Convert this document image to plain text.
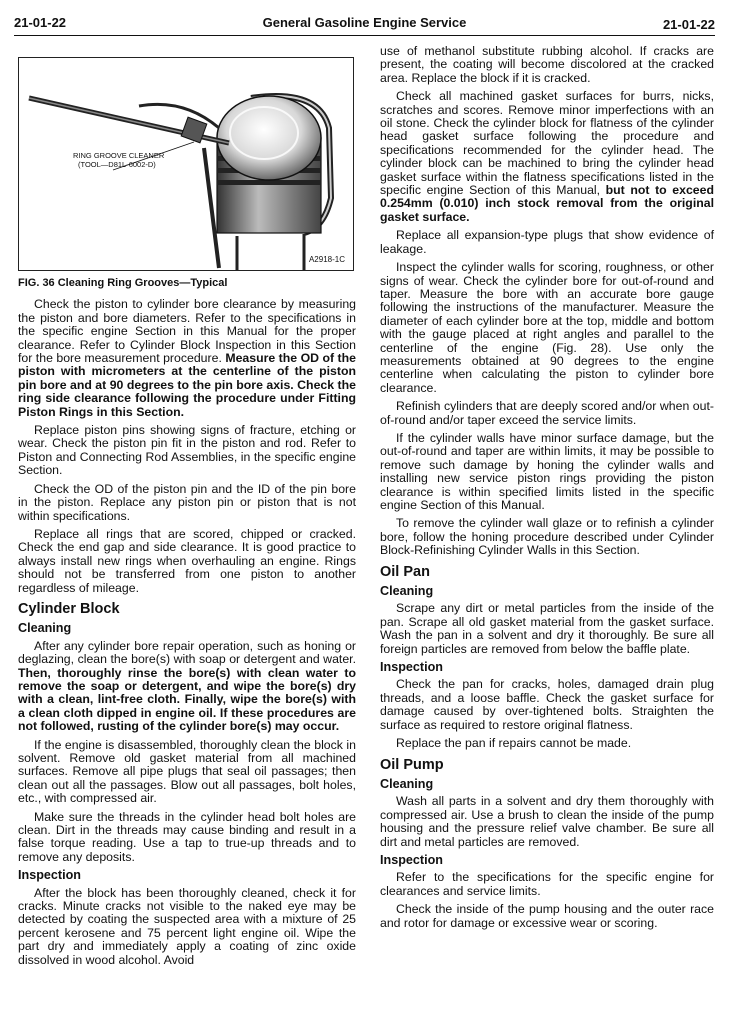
21-01-22	General Gasoline Engine Service	21-01-22
RING GROOVE CLEANER
(TOOL—D81L-6002-D)
A2918-1C
FIG. 36 Cleaning Ring Grooves—Typical

Check the piston to cylinder bore clearance by measuring the piston and bore diameters. Refer to the specifications in the specific engine Section in this Manual for the proper clearance. Refer to Cylinder Block Inspection in this Section for the bore measurement procedure. Measure the OD of the piston with micrometers at the centerline of the piston pin bore and at 90 degrees to the pin bore axis. Check the ring side clearance following the procedure under Fitting Piston Rings in this Section.

Replace piston pins showing signs of fracture, etching or wear. Check the piston pin fit in the piston and rod. Refer to Piston and Connecting Rod Assemblies, in the specific engine Section.

Check the OD of the piston pin and the ID of the pin bore in the piston. Replace any piston pin or piston that is not within specifications.

Replace all rings that are scored, chipped or cracked. Check the end gap and side clearance. It is good practice to always install new rings when overhauling an engine. Rings should not be transferred from one piston to another regardless of mileage.

Cylinder Block
Cleaning

After any cylinder bore repair operation, such as honing or deglazing, clean the bore(s) with soap or detergent and water. Then, thoroughly rinse the bore(s) with clean water to remove the soap or detergent, and wipe the bore(s) dry with a clean, lint-free cloth. Finally, wipe the bore(s) with a clean cloth dipped in engine oil. If these procedures are not followed, rusting of the cylinder bore(s) may occur.

If the engine is disassembled, thoroughly clean the block in solvent. Remove old gasket material from all machined surfaces. Remove all pipe plugs that seal oil passages; then clean out all the passages. Blow out all passages, bolt holes, etc., with compressed air.

Make sure the threads in the cylinder head bolt holes are clean. Dirt in the threads may cause binding and result in a false torque reading. Use a tap to true-up threads and to remove any deposits.

Inspection

After the block has been thoroughly cleaned, check it for cracks. Minute cracks not visible to the naked eye may be detected by coating the suspected area with a mixture of 25 percent kerosene and 75 percent light engine oil. Wipe the part dry and immediately apply a coating of zinc oxide dissolved in wood alcohol. Avoid

use of methanol substitute rubbing alcohol. If cracks are present, the coating will become discolored at the cracked area. Replace the block if it is cracked.

Check all machined gasket surfaces for burrs, nicks, scratches and scores. Remove minor imperfections with an oil stone. Check the cylinder block for flatness of the cylinder head gasket surface following the procedure and specifications recommended for the cylinder head. The cylinder block can be machined to bring the cylinder head gasket surface within the flatness specifications listed in the specific engine Section of this Manual, but not to exceed 0.254mm (0.010) inch stock removal from the original gasket surface.

Replace all expansion-type plugs that show evidence of leakage.

Inspect the cylinder walls for scoring, roughness, or other signs of wear. Check the cylinder bore for out-of-round and taper. Measure the bore with an accurate bore gauge following the instructions of the manufacturer. Measure the diameter of each cylinder bore at the top, middle and bottom with the gauge placed at right angles and parallel to the centerline of the engine (Fig. 28). Use only the measurements obtained at 90 degrees to the engine centerline when calculating the piston to cylinder bore clearance.

Refinish cylinders that are deeply scored and/or when out-of-round and/or taper exceed the service limits.

If the cylinder walls have minor surface damage, but the out-of-round and taper are within limits, it may be possible to remove such damage by honing the cylinder walls and installing new service piston rings providing the piston clearance is within specified limits listed in the specific engine Section of this Manual.

To remove the cylinder wall glaze or to refinish a cylinder bore, follow the honing procedure described under Cylinder Block-Refinishing Cylinder Walls in this Section.

Oil Pan
Cleaning

Scrape any dirt or metal particles from the inside of the pan. Scrape all old gasket material from the gasket surface. Wash the pan in a solvent and dry it thoroughly. Be sure all foreign particles are removed from below the baffle plate.

Inspection

Check the pan for cracks, holes, damaged drain plug threads, and a loose baffle. Check the gasket surface for damage caused by over-tightened bolts. Straighten the surface as required to restore original flatness.

Replace the pan if repairs cannot be made.

Oil Pump
Cleaning

Wash all parts in a solvent and dry them thoroughly with compressed air. Use a brush to clean the inside of the pump housing and the pressure relief valve chamber. Be sure all dirt and metal particles are removed.

Inspection

Refer to the specifications for the specific engine for clearances and service limits.

Check the inside of the pump housing and the outer race and rotor for damage or excessive wear or scoring.
